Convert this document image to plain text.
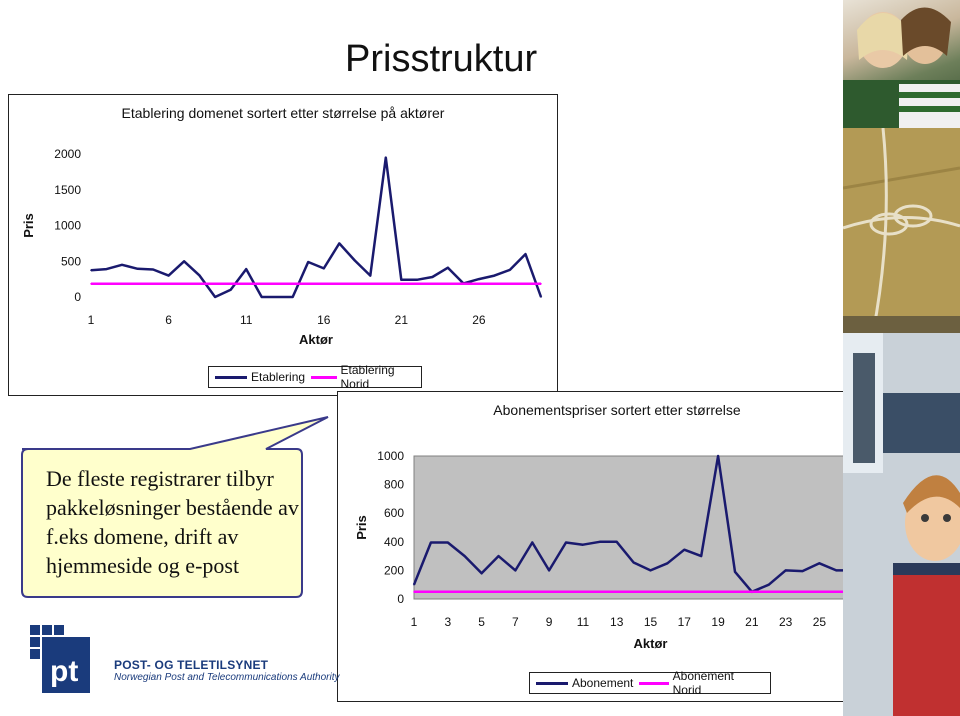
Prisstruktur
Etablering domenet sortert etter størrelse på aktører
0
500
1000
1500
2000
1	6	11	16	21	26
Pris
Aktør
Etablering	Etablering Norid
De fleste registrarer tilbyr pakkeløsninger bestående av f.eks domene, drift av hjemmeside og e-post
Abonementspriser sortert etter størrelse
0
200
400
600
800
1000
1 3 5 7 9 11 13 15 17 19 21 23 25
Pris
Aktør
Abonement	Abonement Norid
pt	POST- OG TELETILSYNET
Norwegian Post and Telecommunications Authority
